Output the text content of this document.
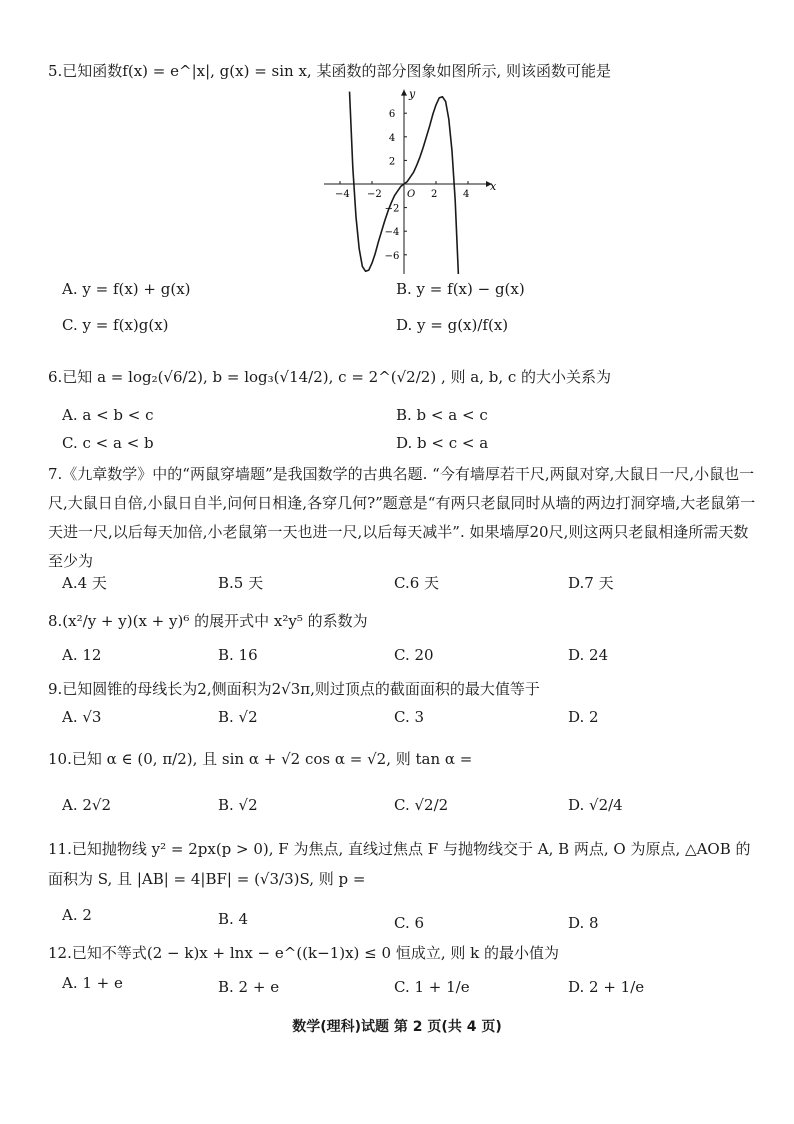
5.已知函数f(x) = e^|x|, g(x) = sin x, 某函数的部分图象如图所示, 则该函数可能是
x
y
−4 −2	O 2	4
6
4
2
−2
−4
−6
A. y = f(x) + g(x)	B. y = f(x) − g(x)
C. y = f(x)g(x)	D. y = g(x)/f(x)
6.已知 a = log₂(√6/2), b = log₃(√14/2), c = 2^(√2/2) , 则 a, b, c 的大小关系为
A. a < b < c	B. b < a < c
C. c < a < b	D. b < c < a
7.《九章数学》中的“两鼠穿墙题”是我国数学的古典名题. “今有墙厚若干尺,两鼠对穿,大鼠日一尺,小鼠也一尺,大鼠日自倍,小鼠日自半,问何日相逢,各穿几何?”题意是“有两只老鼠同时从墙的两边打洞穿墙,大老鼠第一天进一尺,以后每天加倍,小老鼠第一天也进一尺,以后每天减半”. 如果墙厚20尺,则这两只老鼠相逢所需天数至少为
A.4 天	B.5 天	C.6 天	D.7 天
8.(x²/y + y)(x + y)⁶ 的展开式中 x²y⁵ 的系数为
A. 12	B. 16	C. 20	D. 24
9.已知圆锥的母线长为2,侧面积为2√3π,则过顶点的截面面积的最大值等于
A. √3	B. √2	C. 3	D. 2
10.已知 α ∈ (0, π/2), 且 sin α + √2 cos α = √2, 则 tan α =
A. 2√2	B. √2	C. √2/2	D. √2/4
11.已知抛物线 y² = 2px(p > 0), F 为焦点, 直线过焦点 F 与抛物线交于 A, B 两点, O 为原点, △AOB 的面积为 S, 且 |AB| = 4|BF| = (√3/3)S, 则 p =
A. 2	B. 4	C. 6	D. 8
12.已知不等式(2 − k)x + lnx − e^((k−1)x) ≤ 0 恒成立, 则 k 的最小值为
A. 1 + e	B. 2 + e	C. 1 + 1/e	D. 2 + 1/e
数学(理科)试题 第 2 页(共 4 页)
